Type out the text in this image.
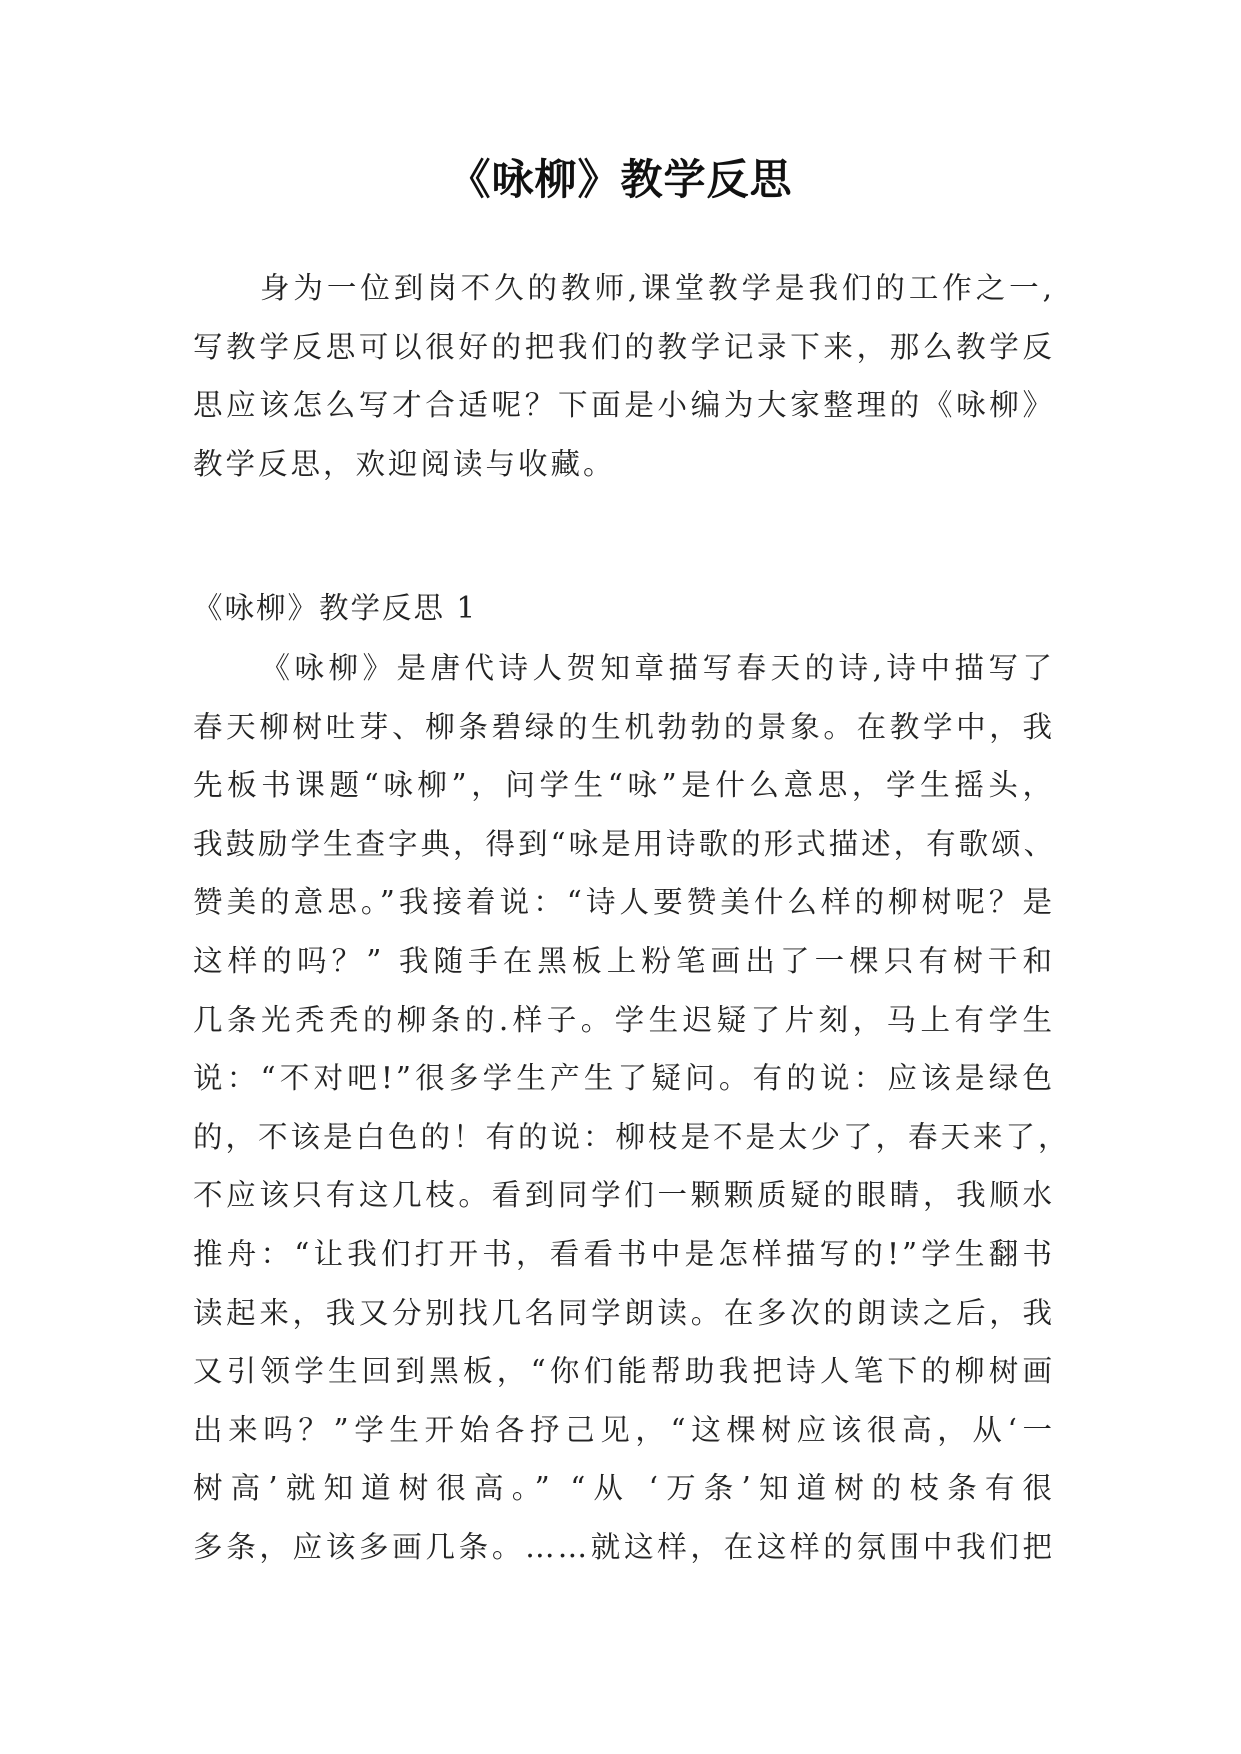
《咏柳》教学反思
身为一位到岗不久的教师,课堂教学是我们的工作之一,
写教学反思可以很好的把我们的教学记录下来，那么教学反
思应该怎么写才合适呢？下面是小编为大家整理的《咏柳》
教学反思，欢迎阅读与收藏。
《咏柳》教学反思 1
《咏柳》是唐代诗人贺知章描写春天的诗,诗中描写了
春天柳树吐芽、柳条碧绿的生机勃勃的景象。在教学中，我
先板书课题“咏柳”，问学生“咏”是什么意思，学生摇头，
我鼓励学生查字典，得到“咏是用诗歌的形式描述，有歌颂、
赞美的意思。”我接着说：“诗人要赞美什么样的柳树呢？是
这样的吗？” 我随手在黑板上粉笔画出了一棵只有树干和
几条光秃秃的柳条的.样子。学生迟疑了片刻，马上有学生
说：“不对吧!”很多学生产生了疑问。有的说：应该是绿色
的，不该是白色的！有的说：柳枝是不是太少了，春天来了，
不应该只有这几枝。看到同学们一颗颗质疑的眼睛，我顺水
推舟：“让我们打开书，看看书中是怎样描写的!”学生翻书
读起来，我又分别找几名同学朗读。在多次的朗读之后，我
又引领学生回到黑板，“你们能帮助我把诗人笔下的柳树画
出来吗？”学生开始各抒己见，“这棵树应该很高，从‘一
树高’就知道树很高。” “从 ‘万条’知道树的枝条有很
多条，应该多画几条。……就这样，在这样的氛围中我们把
